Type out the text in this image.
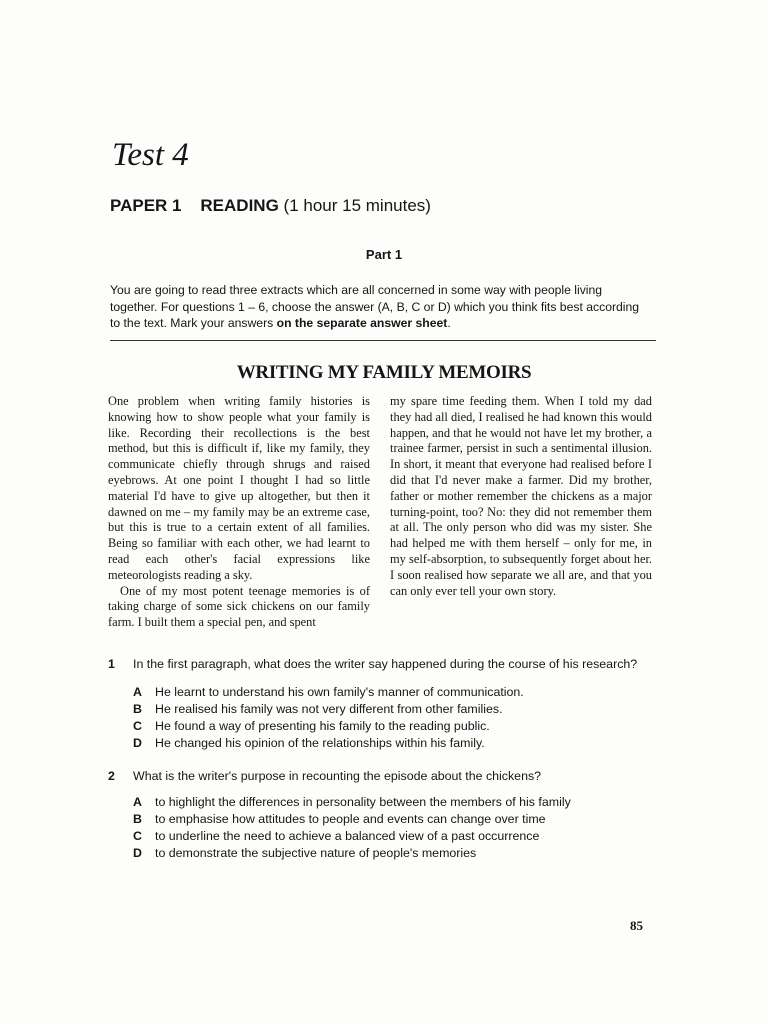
Test 4
PAPER 1 READING (1 hour 15 minutes)
Part 1
You are going to read three extracts which are all concerned in some way with people living
together. For questions 1 – 6, choose the answer (A, B, C or D) which you think fits best according
to the text. Mark your answers on the separate answer sheet.
WRITING MY FAMILY MEMOIRS

One problem when writing family histories is knowing how to show people what your family is like. Recording their recollections is the best method, but this is difficult if, like my family, they communicate chiefly through shrugs and raised eyebrows. At one point I thought I had so little material I'd have to give up altogether, but then it dawned on me – my family may be an extreme case, but this is true to a certain extent of all families. Being so familiar with each other, we had learnt to read each other's facial expressions like meteorologists reading a sky.

One of my most potent teenage memories is of taking charge of some sick chickens on our family farm. I built them a special pen, and spent

my spare time feeding them. When I told my dad they had all died, I realised he had known this would happen, and that he would not have let my brother, a trainee farmer, persist in such a sentimental illusion. In short, it meant that everyone had realised before I did that I'd never make a farmer. Did my brother, father or mother remember the chickens as a major turning-point, too? No: they did not remember them at all. The only person who did was my sister. She had helped me with them herself – only for me, in my self-absorption, to subsequently forget about her. I soon realised how separate we all are, and that you can only ever tell your own story.

1 In the first paragraph, what does the writer say happened during the course of his research?
A He learnt to understand his own family's manner of communication.
B He realised his family was not very different from other families.
C He found a way of presenting his family to the reading public.
D He changed his opinion of the relationships within his family.
2 What is the writer's purpose in recounting the episode about the chickens?
A to highlight the differences in personality between the members of his family
B to emphasise how attitudes to people and events can change over time
C to underline the need to achieve a balanced view of a past occurrence
D to demonstrate the subjective nature of people's memories
85
